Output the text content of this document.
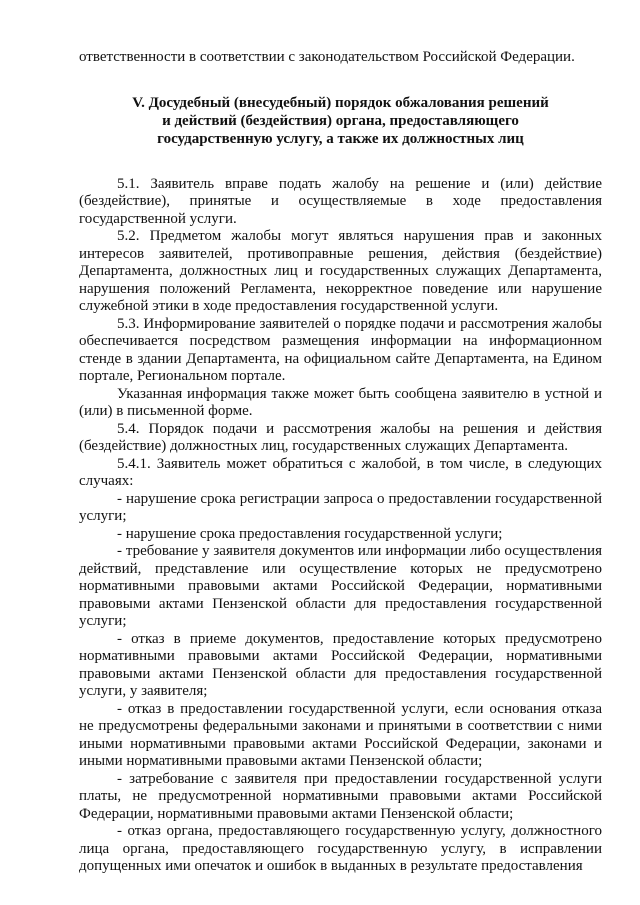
ответственности в соответствии с законодательством Российской Федерации.

V. Досудебный (внесудебный) порядок обжалования решений
и действий (бездействия) органа, предоставляющего
государственную услугу, а также их должностных лиц

5.1. Заявитель вправе подать жалобу на решение и (или) действие (бездействие), принятые и осуществляемые в ходе предоставления государственной услуги.

5.2. Предметом жалобы могут являться нарушения прав и законных интересов заявителей, противоправные решения, действия (бездействие) Департамента, должностных лиц и государственных служащих Департамента, нарушения положений Регламента, некорректное поведение или нарушение служебной этики в ходе предоставления государственной услуги.

5.3. Информирование заявителей о порядке подачи и рассмотрения жалобы обеспечивается посредством размещения информации на информационном стенде в здании Департамента, на официальном сайте Департамента, на Едином портале, Региональном портале.

Указанная информация также может быть сообщена заявителю в устной и (или) в письменной форме.

5.4. Порядок подачи и рассмотрения жалобы на решения и действия (бездействие) должностных лиц, государственных служащих Департамента.

5.4.1. Заявитель может обратиться с жалобой, в том числе, в следующих случаях:

- нарушение срока регистрации запроса о предоставлении государственной услуги;

- нарушение срока предоставления государственной услуги;

- требование у заявителя документов или информации либо осуществления действий, представление или осуществление которых не предусмотрено нормативными правовыми актами Российской Федерации, нормативными правовыми актами Пензенской области для предоставления государственной услуги;

- отказ в приеме документов, предоставление которых предусмотрено нормативными правовыми актами Российской Федерации, нормативными правовыми актами Пензенской области для предоставления государственной услуги, у заявителя;

- отказ в предоставлении государственной услуги, если основания отказа не предусмотрены федеральными законами и принятыми в соответствии с ними иными нормативными правовыми актами Российской Федерации, законами и иными нормативными правовыми актами Пензенской области;

- затребование с заявителя при предоставлении государственной услуги платы, не предусмотренной нормативными правовыми актами Российской Федерации, нормативными правовыми актами Пензенской области;

- отказ органа, предоставляющего государственную услугу, должностного лица органа, предоставляющего государственную услугу, в исправлении допущенных ими опечаток и ошибок в выданных в результате предоставления
